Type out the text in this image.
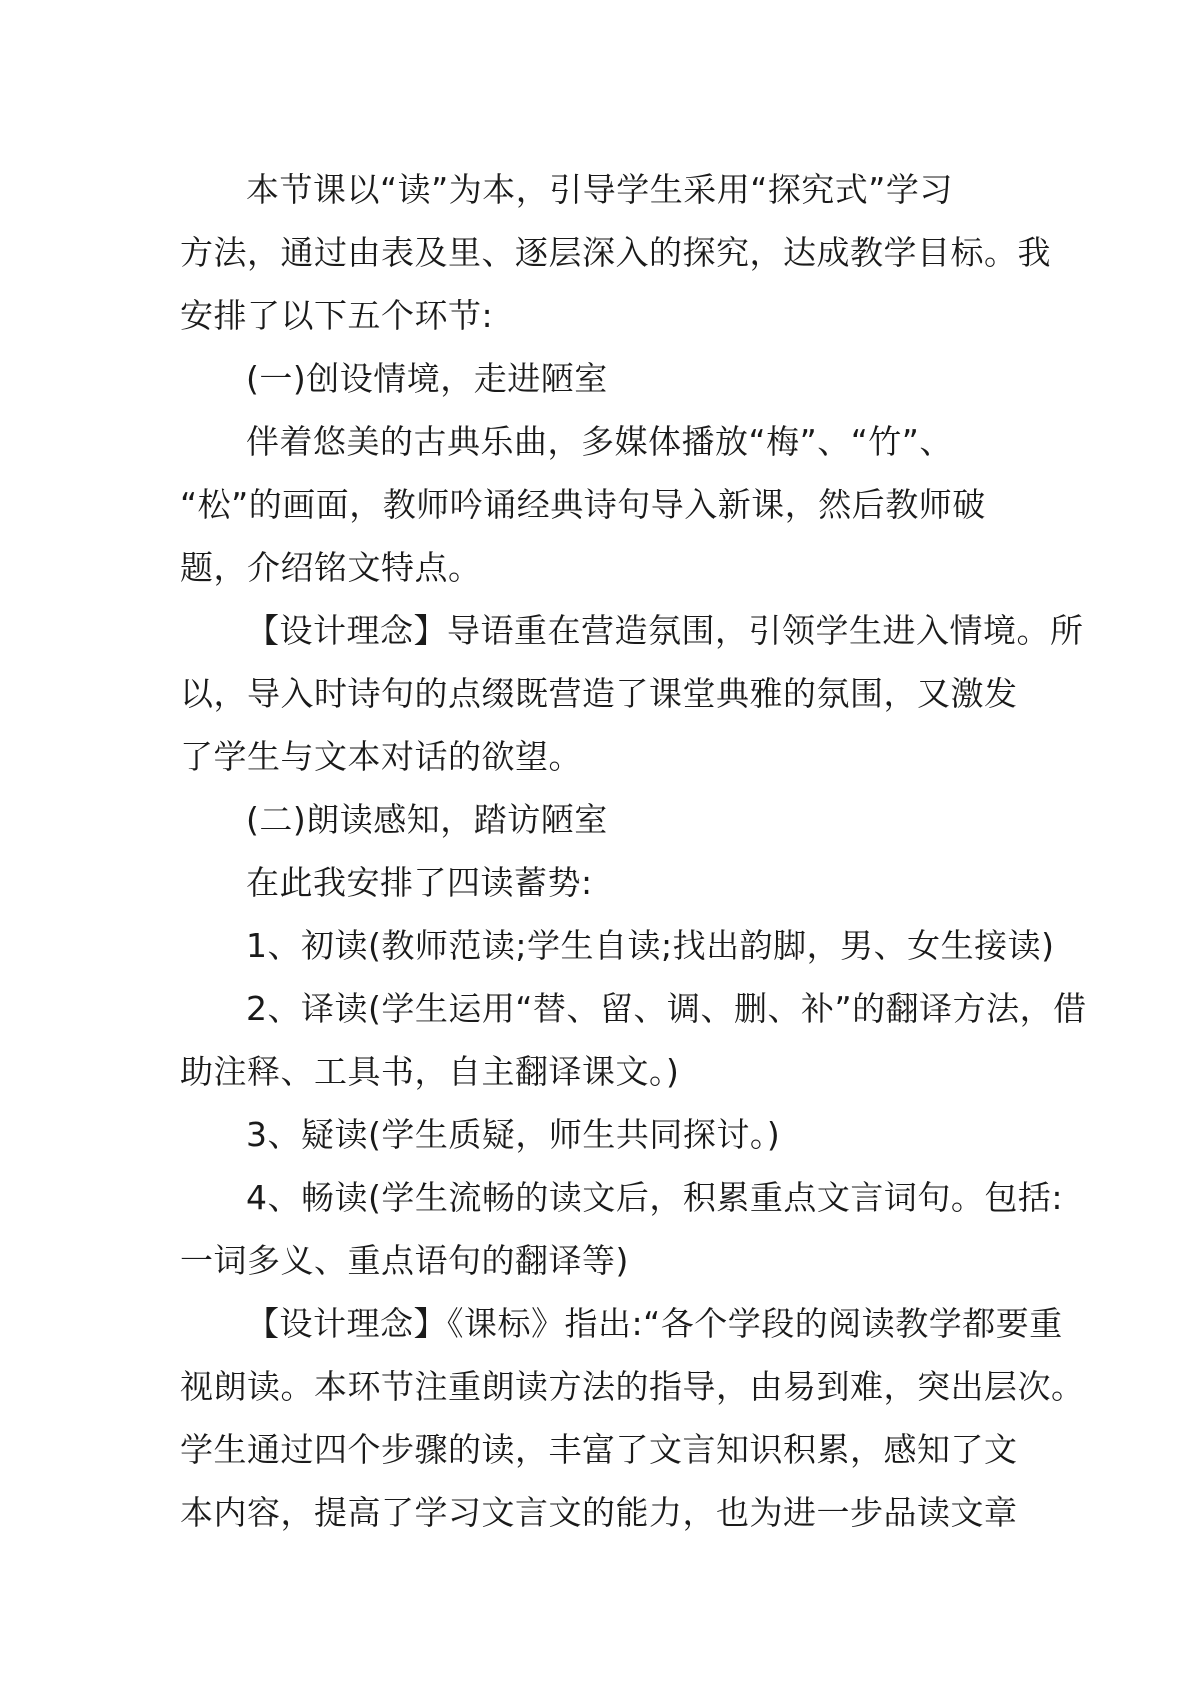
本节课以“读”为本，引导学生采用“探究式”学习
方法，通过由表及里、逐层深入的探究，达成教学目标。我
安排了以下五个环节:
(一)创设情境，走进陋室
伴着悠美的古典乐曲，多媒体播放“梅”、“竹”、
“松”的画面，教师吟诵经典诗句导入新课，然后教师破
题，介绍铭文特点。
【设计理念】导语重在营造氛围，引领学生进入情境。所
以，导入时诗句的点缀既营造了课堂典雅的氛围，又激发
了学生与文本对话的欲望。
(二)朗读感知，踏访陋室
在此我安排了四读蓄势:
1、初读(教师范读;学生自读;找出韵脚，男、女生接读)
2、译读(学生运用“替、留、调、删、补”的翻译方法，借
助注释、工具书，自主翻译课文。)
3、疑读(学生质疑，师生共同探讨。)
4、畅读(学生流畅的读文后，积累重点文言词句。包括:
一词多义、重点语句的翻译等)
【设计理念】《课标》指出:“各个学段的阅读教学都要重
视朗读。本环节注重朗读方法的指导，由易到难，突出层次。
学生通过四个步骤的读，丰富了文言知识积累，感知了文
本内容，提高了学习文言文的能力，也为进一步品读文章
